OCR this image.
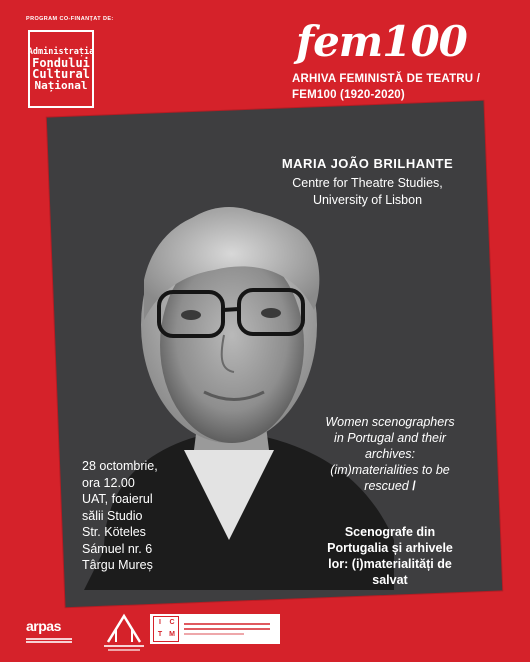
PROGRAM CO-FINANȚAT DE:
Administrația
Fondului
Cultural
Național
fem100
ARHIVA FEMINISTĂ DE TEATRU /
FEM100 (1920-2020)
MARIA JOÃO BRILHANTE
Centre for Theatre Studies,
University of Lisbon
Women scenographers in Portugal and their archives: (im)materialities to be rescued /
Scenografe din Portugalia și arhivele lor: (i)materialități de salvat
28 octombrie,
ora 12.00
UAT, foaierul
sălii Studio
Str. Köteles
Sámuel nr. 6
Târgu Mureș
arpas	I	C
T M
